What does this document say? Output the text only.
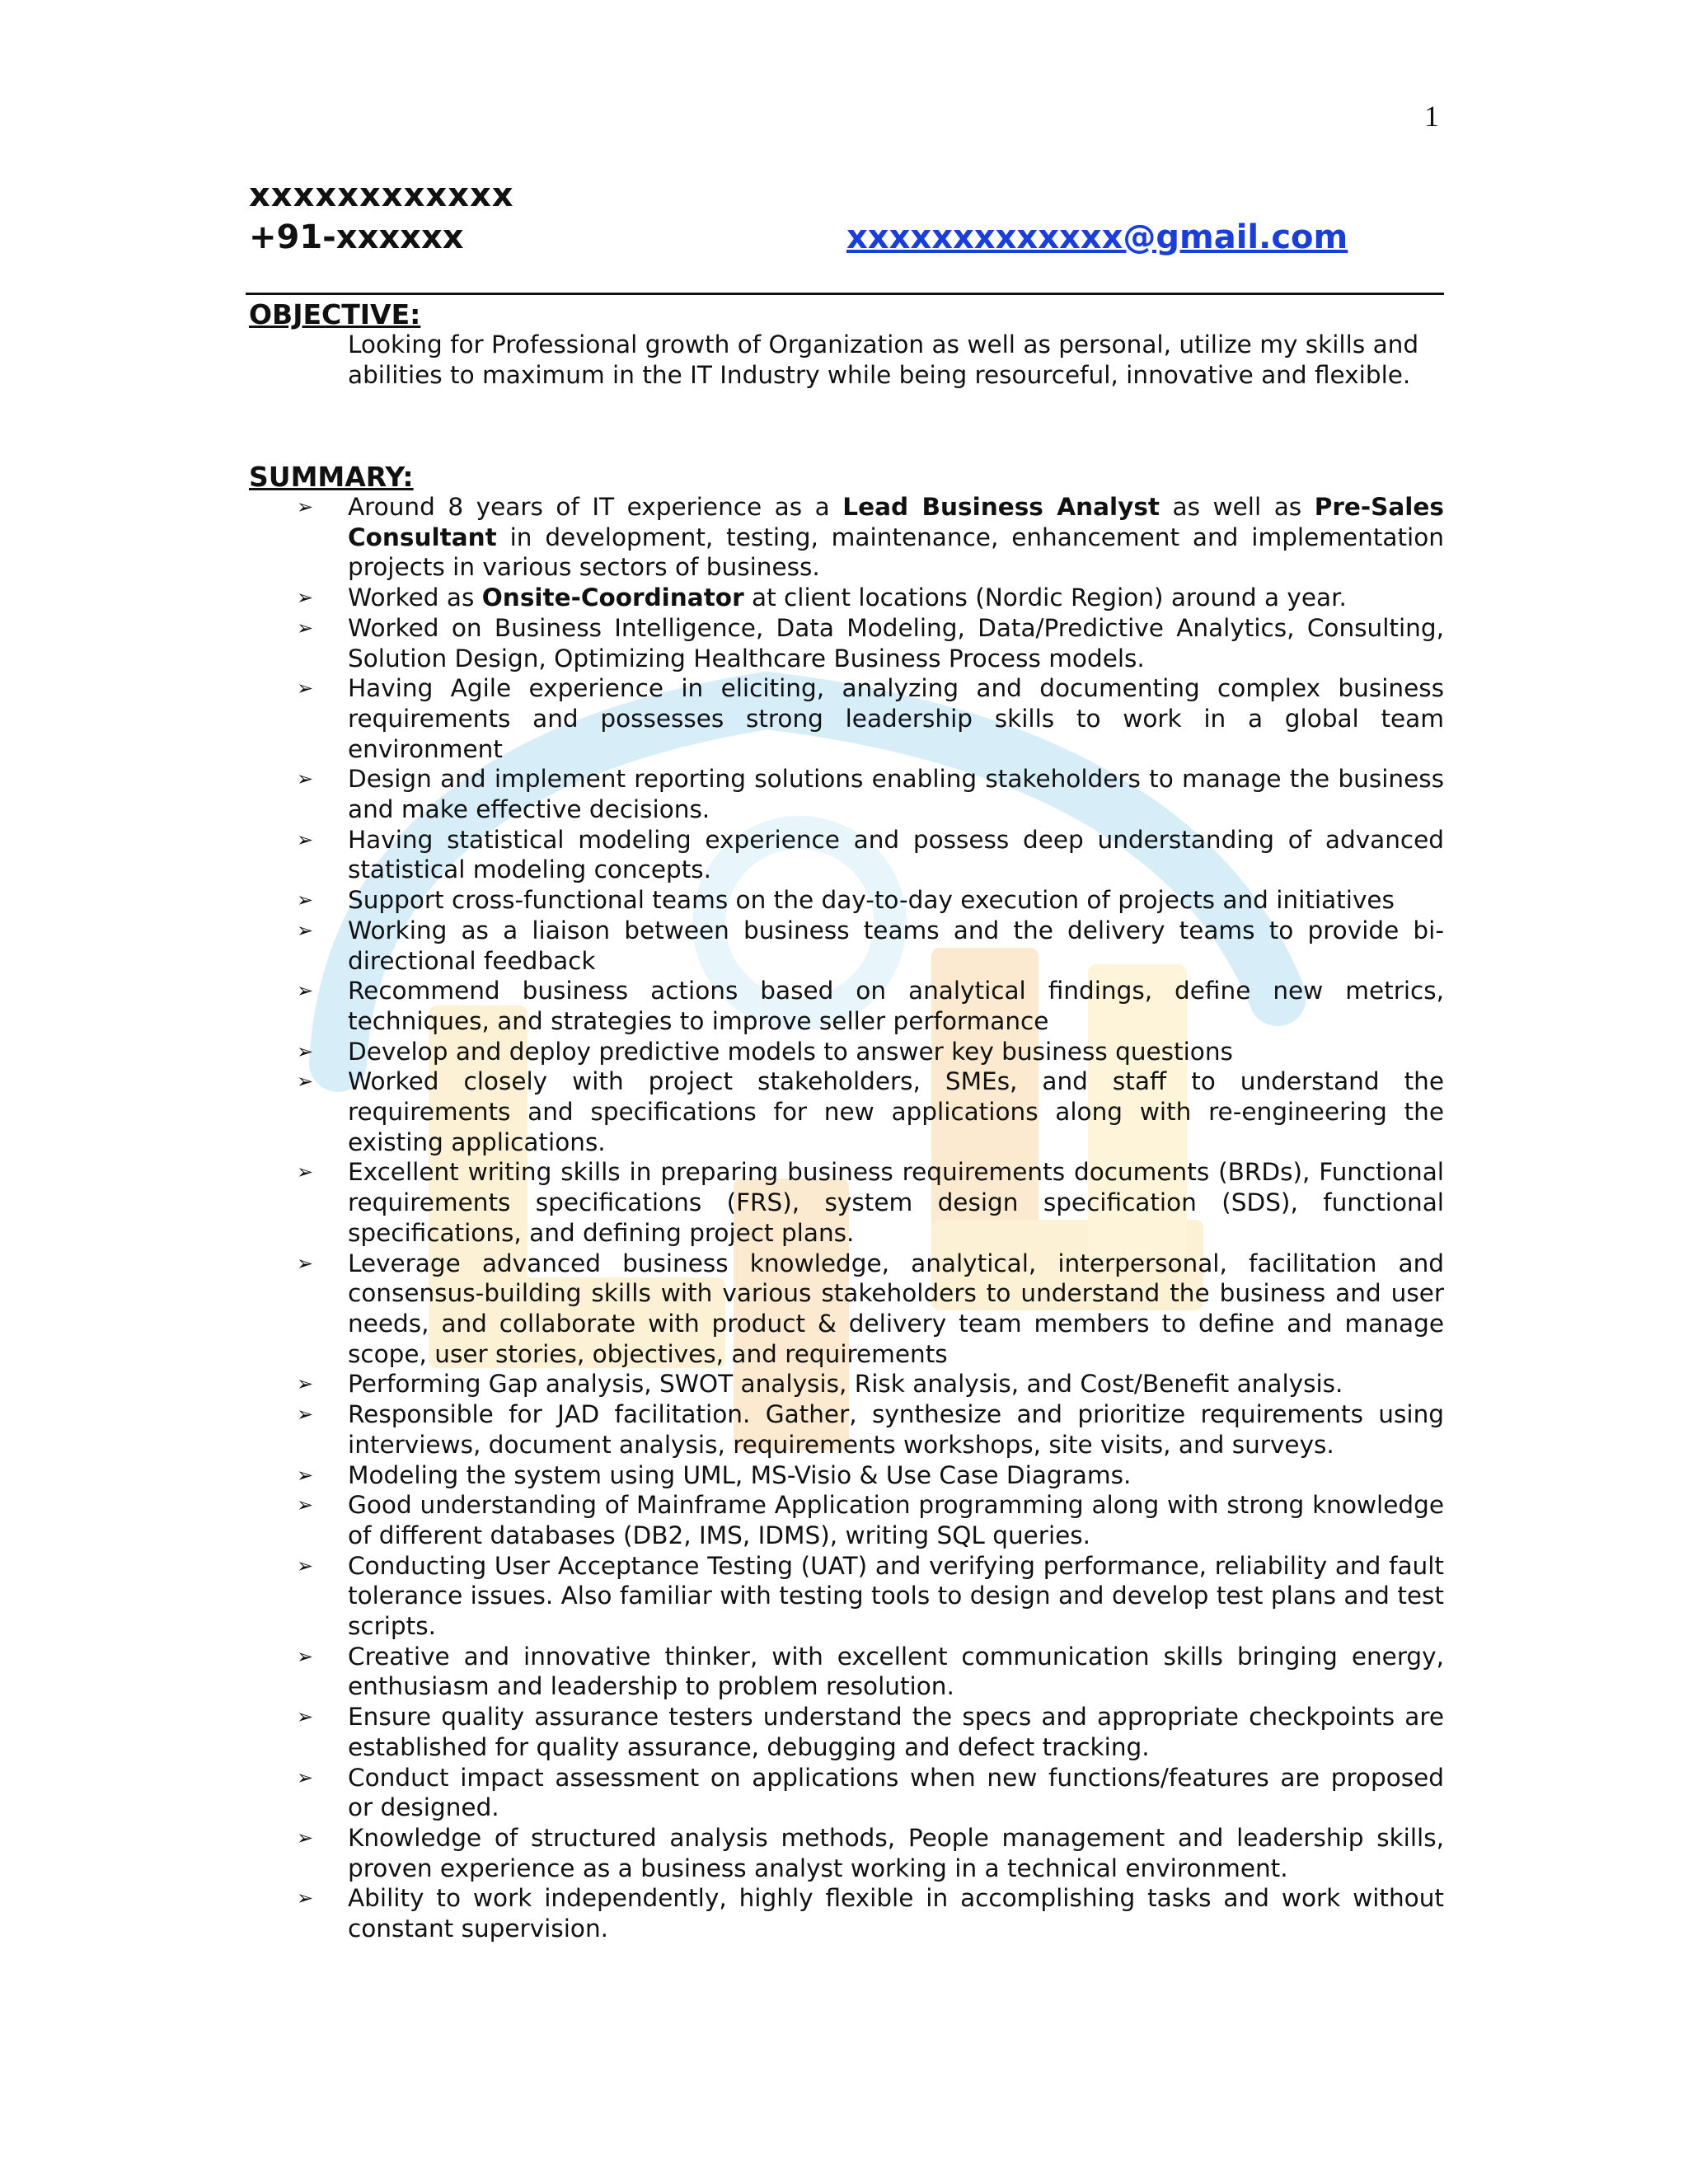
1
xxxxxxxxxxxx
+91-xxxxxx	xxxxxxxxxxxxx@gmail.com
OBJECTIVE:
Looking for Professional growth of Organization as well as personal, utilize my skills and abilities to maximum in the IT Industry while being resourceful, innovative and flexible.
SUMMARY:
➢ Around 8 years of IT experience as a Lead Business Analyst as well as Pre-Sales Consultant in development, testing, maintenance, enhancement and implementation projects in various sectors of business.
➢ Worked as Onsite-Coordinator at client locations (Nordic Region) around a year.
➢ Worked on Business Intelligence, Data Modeling, Data/Predictive Analytics, Consulting, Solution Design, Optimizing Healthcare Business Process models.
➢ Having Agile experience in eliciting, analyzing and documenting complex business requirements and possesses strong leadership skills to work in a global team environment
➢ Design and implement reporting solutions enabling stakeholders to manage the business and make effective decisions.
➢ Having statistical modeling experience and possess deep understanding of advanced statistical modeling concepts.
➢ Support cross-functional teams on the day-to-day execution of projects and initiatives
➢ Working as a liaison between business teams and the delivery teams to provide bi-directional feedback
➢ Recommend business actions based on analytical findings, define new metrics, techniques, and strategies to improve seller performance
➢ Develop and deploy predictive models to answer key business questions
➢ Worked closely with project stakeholders, SMEs, and staff to understand the requirements and specifications for new applications along with re-engineering the existing applications.
➢ Excellent writing skills in preparing business requirements documents (BRDs), Functional requirements specifications (FRS), system design specification (SDS), functional specifications, and defining project plans.
➢ Leverage advanced business knowledge, analytical, interpersonal, facilitation and consensus-building skills with various stakeholders to understand the business and user needs, and collaborate with product & delivery team members to define and manage scope, user stories, objectives, and requirements
➢ Performing Gap analysis, SWOT analysis, Risk analysis, and Cost/Benefit analysis.
➢ Responsible for JAD facilitation. Gather, synthesize and prioritize requirements using interviews, document analysis, requirements workshops, site visits, and surveys.
➢ Modeling the system using UML, MS-Visio & Use Case Diagrams.
➢ Good understanding of Mainframe Application programming along with strong knowledge of different databases (DB2, IMS, IDMS), writing SQL queries.
➢ Conducting User Acceptance Testing (UAT) and verifying performance, reliability and fault tolerance issues. Also familiar with testing tools to design and develop test plans and test scripts.
➢ Creative and innovative thinker, with excellent communication skills bringing energy, enthusiasm and leadership to problem resolution.
➢ Ensure quality assurance testers understand the specs and appropriate checkpoints are established for quality assurance, debugging and defect tracking.
➢ Conduct impact assessment on applications when new functions/features are proposed or designed.
➢ Knowledge of structured analysis methods, People management and leadership skills, proven experience as a business analyst working in a technical environment.
➢ Ability to work independently, highly flexible in accomplishing tasks and work without constant supervision.
